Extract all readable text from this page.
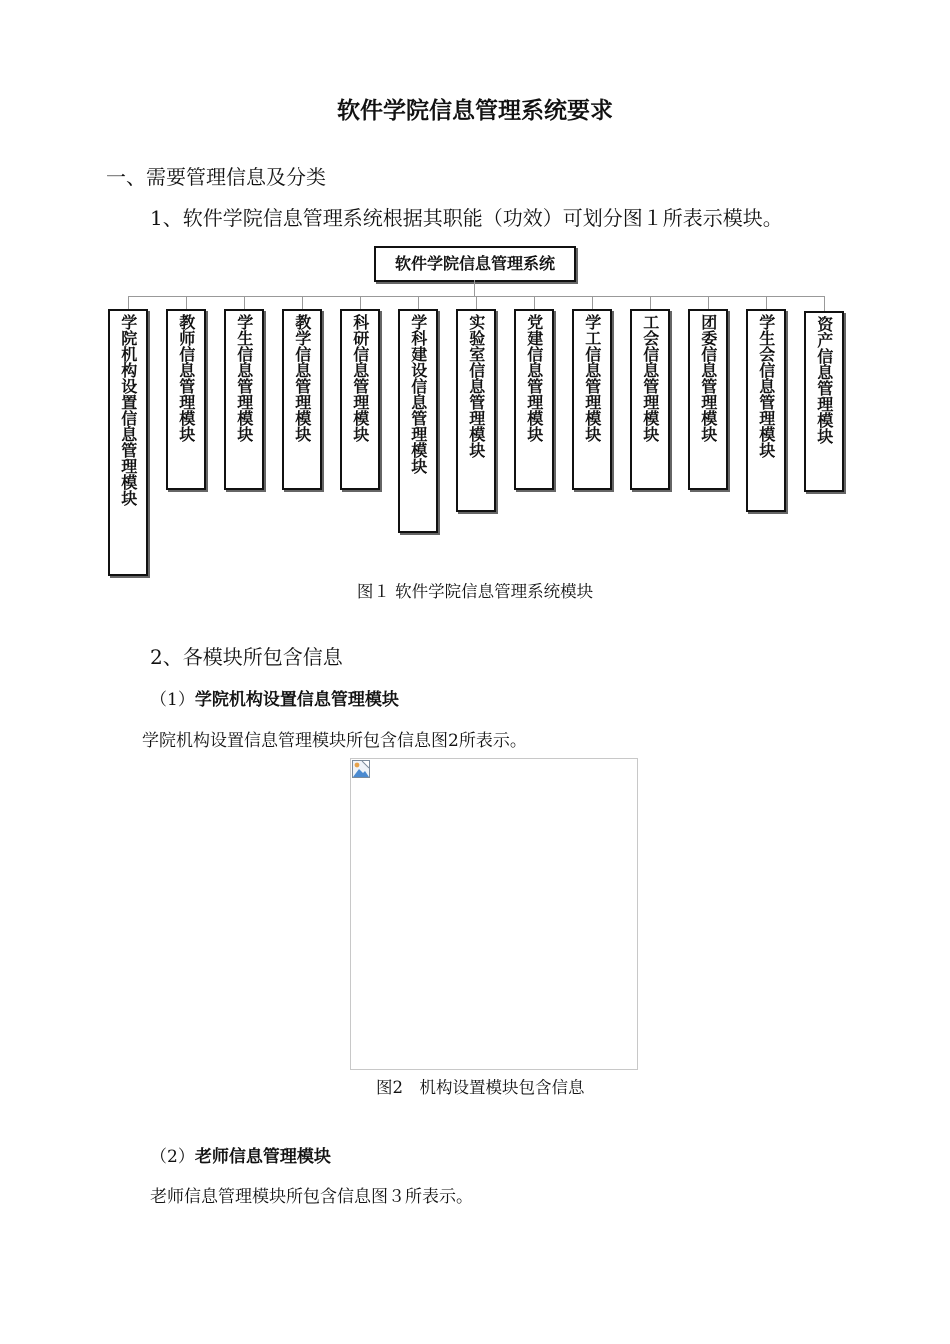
软件学院信息管理系统要求
一、需要管理信息及分类
1、软件学院信息管理系统根据其职能（功效）可划分图１所表示模块。
软件学院信息管理系统
学院机构设置信息管理模块	教师信息管理模块	学生信息管理模块	教学信息管理模块	科研信息管理模块	学科建设信息管理模块	实验室信息管理模块	党建信息管理模块	学工信息管理模块	工会信息管理模块	团委信息管理模块	学生会信息管理模块	资产信息管理模块
图１ 软件学院信息管理系统模块
2、各模块所包含信息
（1）学院机构设置信息管理模块
学院机构设置信息管理模块所包含信息图2所表示。
图2　机构设置模块包含信息
（2）老师信息管理模块
老师信息管理模块所包含信息图３所表示。
